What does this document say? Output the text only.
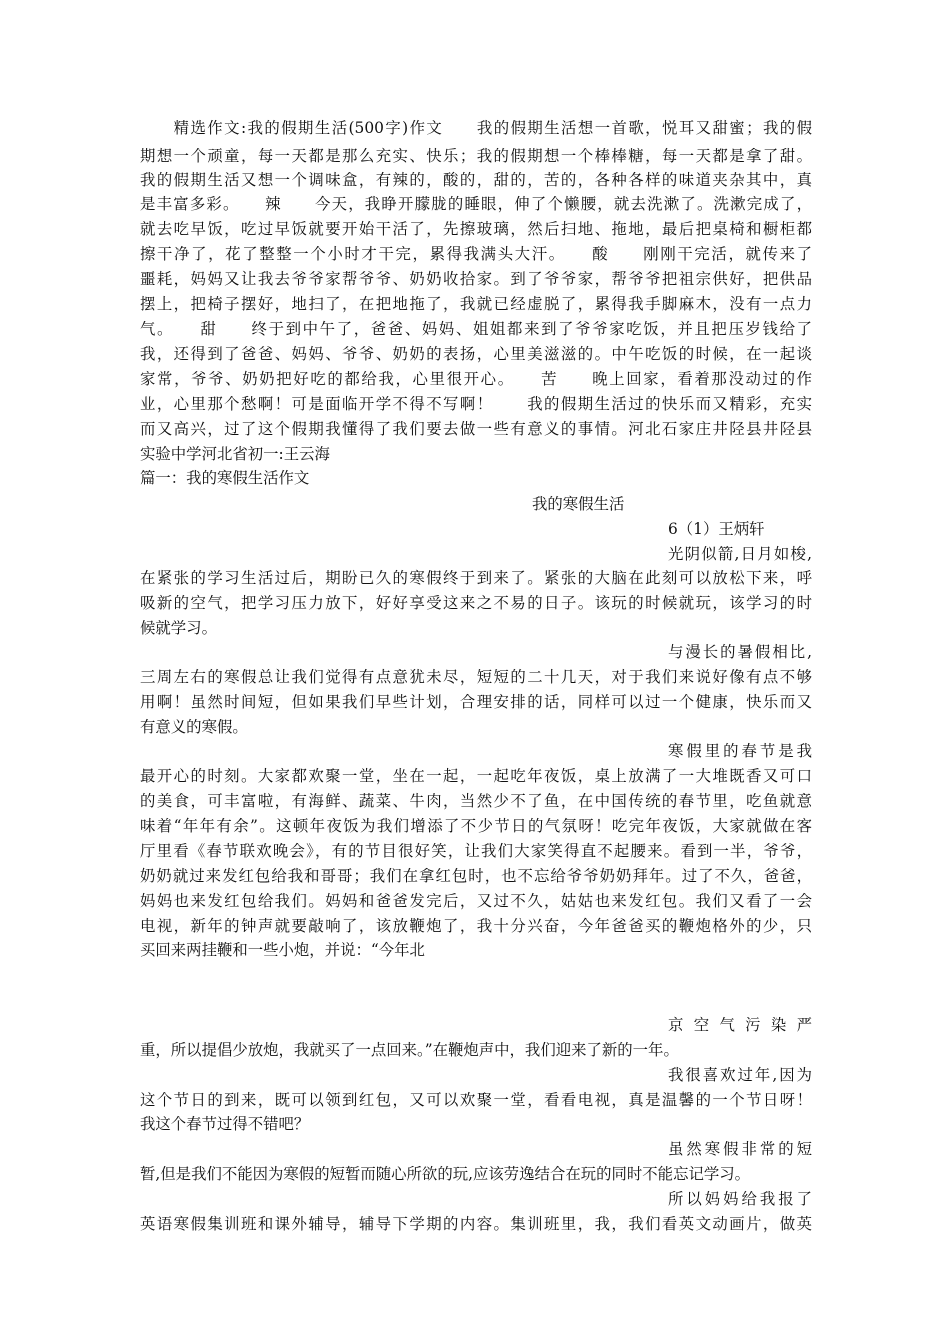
　　精选作文:我的假期生活(500字)作文　　我的假期生活想一首歌，悦耳又甜蜜；我的假
期想一个顽童，每一天都是那么充实、快乐；我的假期想一个棒棒糖，每一天都是拿了甜。
我的假期生活又想一个调味盒，有辣的，酸的，甜的，苦的，各种各样的味道夹杂其中，真
是丰富多彩。　　辣　　今天，我睁开朦胧的睡眼，伸了个懒腰，就去洗漱了。洗漱完成了，
就去吃早饭，吃过早饭就要开始干活了，先擦玻璃，然后扫地、拖地，最后把桌椅和橱柜都
擦干净了，花了整整一个小时才干完，累得我满头大汗。　　酸　　刚刚干完活，就传来了
噩耗，妈妈又让我去爷爷家帮爷爷、奶奶收拾家。到了爷爷家，帮爷爷把祖宗供好，把供品
摆上，把椅子摆好，地扫了，在把地拖了，我就已经虚脱了，累得我手脚麻木，没有一点力
气。　　甜　　终于到中午了，爸爸、妈妈、姐姐都来到了爷爷家吃饭，并且把压岁钱给了
我，还得到了爸爸、妈妈、爷爷、奶奶的表扬，心里美滋滋的。中午吃饭的时候，在一起谈
家常，爷爷、奶奶把好吃的都给我，心里很开心。　　苦　　晚上回家，看着那没动过的作
业，心里那个愁啊！可是面临开学不得不写啊！　　我的假期生活过的快乐而又精彩，充实
而又高兴，过了这个假期我懂得了我们要去做一些有意义的事情。河北石家庄井陉县井陉县
实验中学河北省初一:王云海
篇一：我的寒假生活作文
我的寒假生活
6（1）王炳轩
光阴似箭,日月如梭,
在紧张的学习生活过后，期盼已久的寒假终于到来了。紧张的大脑在此刻可以放松下来，呼
吸新的空气，把学习压力放下，好好享受这来之不易的日子。该玩的时候就玩，该学习的时
候就学习。
与漫长的暑假相比,
三周左右的寒假总让我们觉得有点意犹未尽，短短的二十几天，对于我们来说好像有点不够
用啊！虽然时间短，但如果我们早些计划，合理安排的话，同样可以过一个健康，快乐而又
有意义的寒假。
寒假里的春节是我
最开心的时刻。大家都欢聚一堂，坐在一起，一起吃年夜饭，桌上放满了一大堆既香又可口
的美食，可丰富啦，有海鲜、蔬菜、牛肉，当然少不了鱼，在中国传统的春节里，吃鱼就意
味着“年年有余”。这顿年夜饭为我们增添了不少节日的气氛呀！吃完年夜饭，大家就做在客
厅里看《春节联欢晚会》，有的节目很好笑，让我们大家笑得直不起腰来。看到一半，爷爷，
奶奶就过来发红包给我和哥哥；我们在拿红包时，也不忘给爷爷奶奶拜年。过了不久，爸爸，
妈妈也来发红包给我们。妈妈和爸爸发完后，又过不久，姑姑也来发红包。我们又看了一会
电视，新年的钟声就要敲响了，该放鞭炮了，我十分兴奋，今年爸爸买的鞭炮格外的少，只
买回来两挂鞭和一些小炮，并说：“今年北
京空气污染严
重，所以提倡少放炮，我就买了一点回来。”在鞭炮声中，我们迎来了新的一年。
我很喜欢过年,因为
这个节日的到来，既可以领到红包，又可以欢聚一堂，看看电视，真是温馨的一个节日呀！
我这个春节过得不错吧？
虽然寒假非常的短
暂,但是我们不能因为寒假的短暂而随心所欲的玩,应该劳逸结合在玩的同时不能忘记学习。
所以妈妈给我报了
英语寒假集训班和课外辅导，辅导下学期的内容。集训班里，我，我们看英文动画片，做英
